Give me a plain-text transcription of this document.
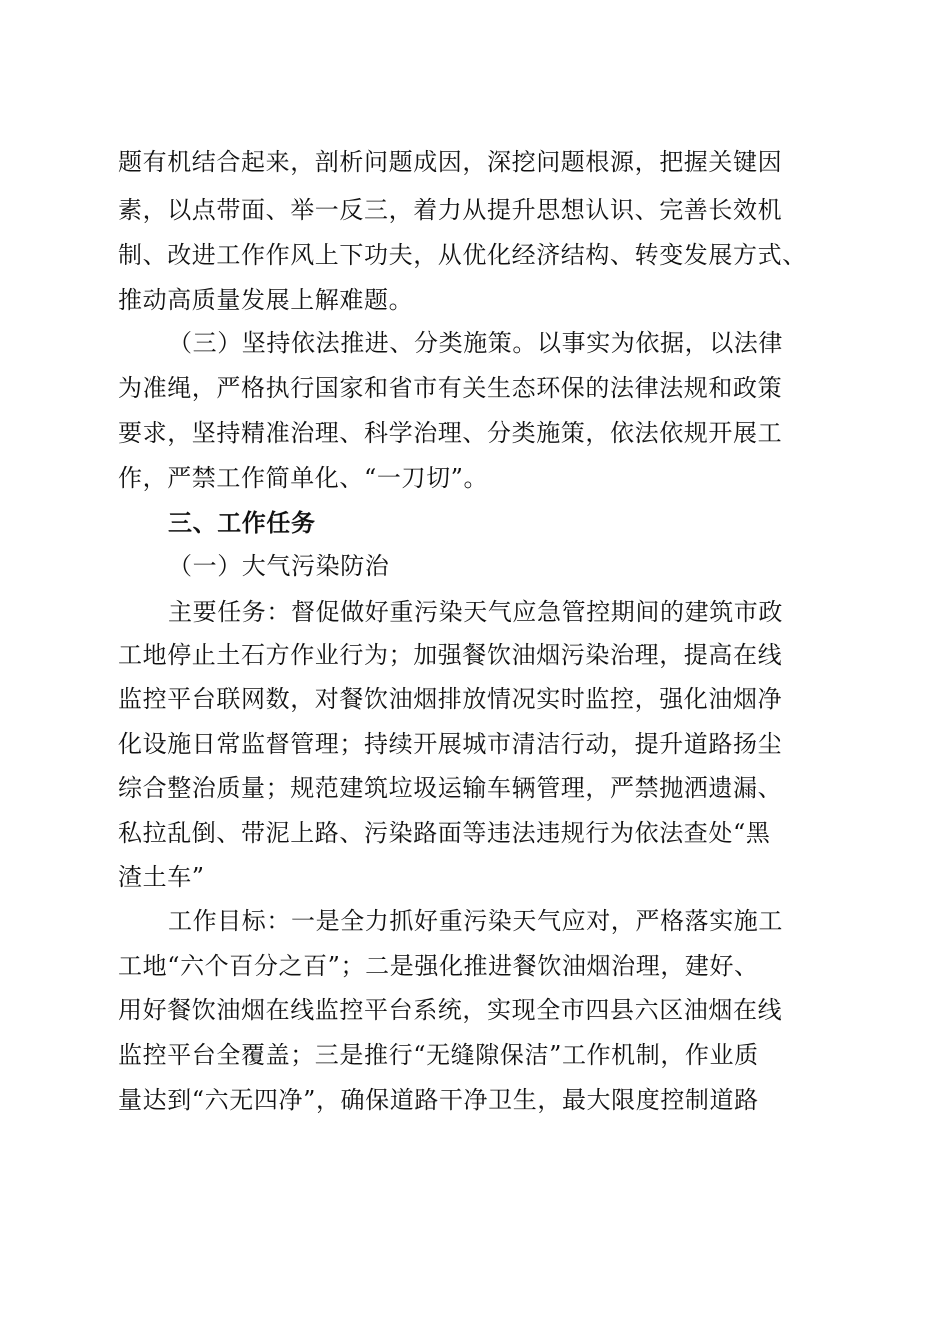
题有机结合起来，剖析问题成因，深挖问题根源，把握关键因
素，以点带面、举一反三，着力从提升思想认识、完善长效机
制、改进工作作风上下功夫，从优化经济结构、转变发展方式、
推动高质量发展上解难题。
（三）坚持依法推进、分类施策。以事实为依据，以法律
为准绳，严格执行国家和省市有关生态环保的法律法规和政策
要求，坚持精准治理、科学治理、分类施策，依法依规开展工
作，严禁工作简单化、“一刀切”。
三、工作任务
（一）大气污染防治
主要任务：督促做好重污染天气应急管控期间的建筑市政
工地停止土石方作业行为；加强餐饮油烟污染治理，提高在线
监控平台联网数，对餐饮油烟排放情况实时监控，强化油烟净
化设施日常监督管理；持续开展城市清洁行动，提升道路扬尘
综合整治质量；规范建筑垃圾运输车辆管理，严禁抛洒遗漏、
私拉乱倒、带泥上路、污染路面等违法违规行为依法查处“黑
渣土车”
工作目标：一是全力抓好重污染天气应对，严格落实施工
工地“六个百分之百”；二是强化推进餐饮油烟治理，建好、
用好餐饮油烟在线监控平台系统，实现全市四县六区油烟在线
监控平台全覆盖；三是推行“无缝隙保洁”工作机制，作业质
量达到“六无四净”，确保道路干净卫生，最大限度控制道路
